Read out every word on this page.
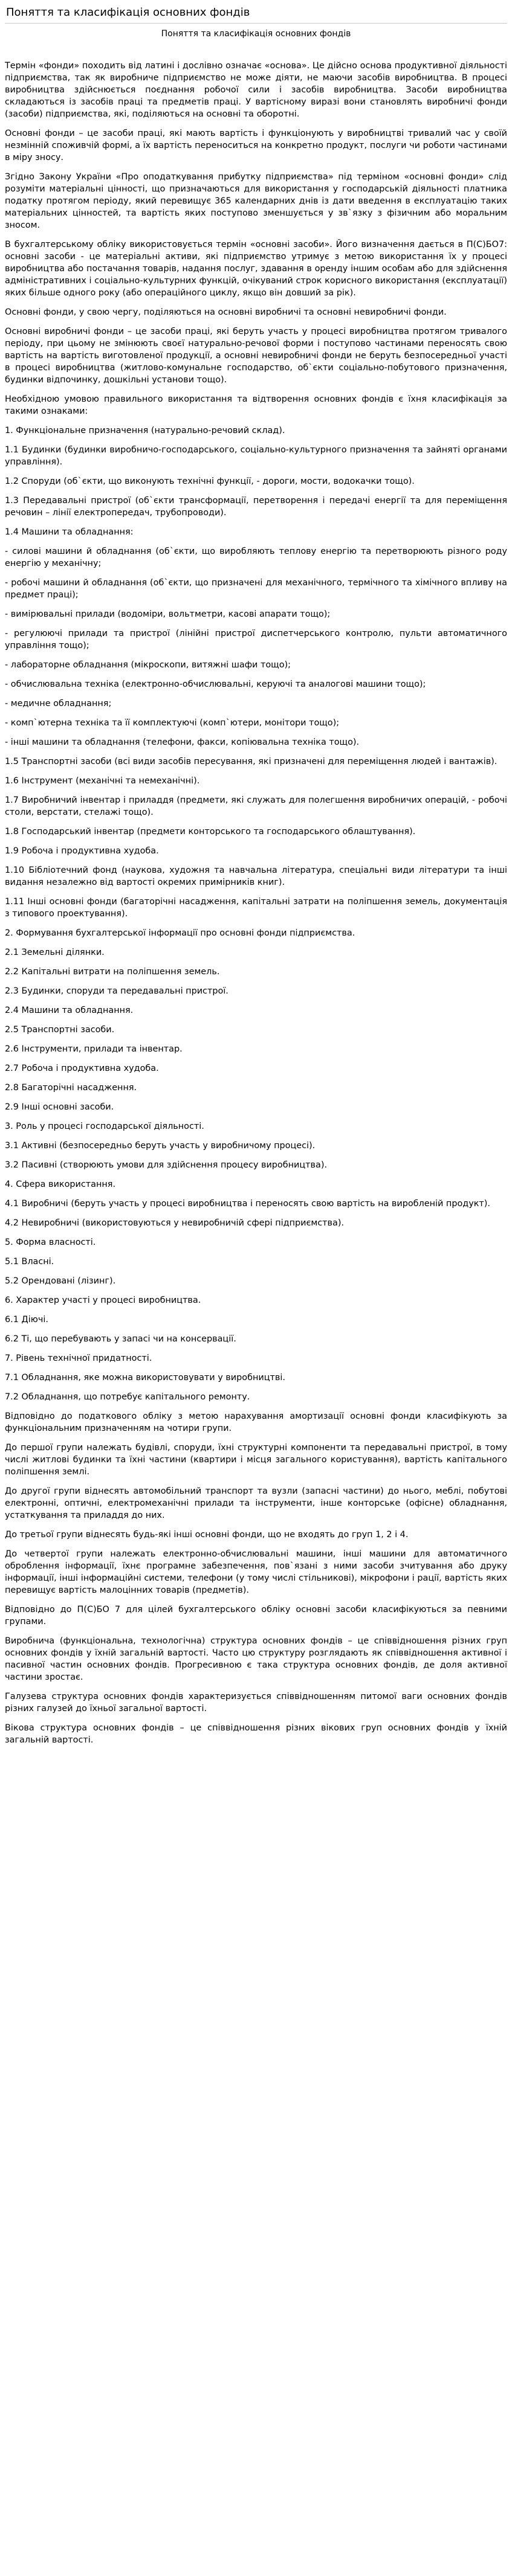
Поняття та класифікація основних фондів
Поняття та класифікація основних фондів

Термін «фонди» походить від латині і дослівно означає «основа». Це дійсно основа продуктивної діяльності підприємства, так як виробниче підприємство не може діяти, не маючи засобів виробництва. В процесі виробництва здійснюється поєднання робочої сили і засобів виробництва. Засоби виробництва складаються із засобів праці та предметів праці. У вартісному виразі вони становлять виробничі фонди (засоби) підприємства, які, поділяються на основні та оборотні.

Основні фонди – це засоби праці, які мають вартість і функціонують у виробництві тривалий час у своїй незмінній споживчій формі, а їх вартість переноситься на конкретно продукт, послуги чи роботи частинами в міру зносу.

Згідно Закону України «Про оподаткування прибутку підприємства» під терміном «основні фонди» слід розуміти матеріальні цінності, що призначаються для використання у господарській діяльності платника податку протягом періоду, який перевищує 365 календарних днів із дати введення в експлуатацію таких матеріальних цінностей, та вартість яких поступово зменшується у зв`язку з фізичним або моральним зносом.

В бухгалтерському обліку використовується термін «основні засоби». Його визначення дається в П(С)БО7: основні засоби - це матеріальні активи, які підприємство утримує з метою використання їх у процесі виробництва або постачання товарів, надання послуг, здавання в оренду іншим особам або для здійснення адміністративних і соціально-культурних функцій, очікуваний строк корисного використання (експлуатації) яких більше одного року (або операційного циклу, якщо він довший за рік).

Основні фонди, у свою чергу, поділяються на основні виробничі та основні невиробничі фонди.

Основні виробничі фонди – це засоби праці, які беруть участь у процесі виробництва протягом тривалого періоду, при цьому не змінюють своєї натурально-речової форми і поступово частинами переносять свою вартість на вартість виготовленої продукції, а основні невиробничі фонди не беруть безпосередньої участі в процесі виробництва (житлово-комунальне господарство, об`єкти соціально-побутового призначення, будинки відпочинку, дошкільні установи тощо).

Необхідною умовою правильного використання та відтворення основних фондів є їхня класифікація за такими ознаками:

1. Функціональне призначення (натурально-речовий склад).

1.1 Будинки (будинки виробничо-господарського, соціально-культурного призначення та зайняті органами управління).

1.2 Споруди (об`єкти, що виконують технічні функції, - дороги, мости, водокачки тощо).

1.3 Передавальні пристрої (об`єкти трансформації, перетворення і передачі енергії та для переміщення речовин – лінії електропередач, трубопроводи).

1.4 Машини та обладнання:

- силові машини й обладнання (об`єкти, що виробляють теплову енергію та перетворюють різного роду енергію у механічну;

- робочі машини й обладнання (об`єкти, що призначені для механічного, термічного та хімічного впливу на предмет праці);

- вимірювальні прилади (водоміри, вольтметри, касові апарати тощо);

- регулюючі прилади та пристрої (лінійні пристрої диспетчерського контролю, пульти автоматичного управління тощо);

- лабораторне обладнання (мікроскопи, витяжні шафи тощо);

- обчислювальна техніка (електронно-обчислювальні, керуючі та аналогові машини тощо);

- медичне обладнання;

- комп`ютерна техніка та її комплектуючі (комп`ютери, монітори тощо);

- інші машини та обладнання (телефони, факси, копіювальна техніка тощо).

1.5 Транспортні засоби (всі види засобів пересування, які призначені для переміщення людей і вантажів).

1.6 Інструмент (механічні та немеханічні).

1.7 Виробничий інвентар і приладдя (предмети, які служать для полегшення виробничих операцій, - робочі столи, верстати, стелажі тощо).

1.8 Господарський інвентар (предмети конторського та господарського облаштування).

1.9 Робоча і продуктивна худоба.

1.10 Бібліотечний фонд (наукова, художня та навчальна література, спеціальні види літератури та інші видання незалежно від вартості окремих примірників книг).

1.11 Інші основні фонди (багаторічні насадження, капітальні затрати на поліпшення земель, документація з типового проектування).

2. Формування бухгалтерської інформації про основні фонди підприємства.

2.1 Земельні ділянки.

2.2 Капітальні витрати на поліпшення земель.

2.3 Будинки, споруди та передавальні пристрої.

2.4 Машини та обладнання.

2.5 Транспортні засоби.

2.6 Інструменти, прилади та інвентар.

2.7 Робоча і продуктивна худоба.

2.8 Багаторічні насадження.

2.9 Інші основні засоби.

3. Роль у процесі господарської діяльності.

3.1 Активні (безпосередньо беруть участь у виробничому процесі).

3.2 Пасивні (створюють умови для здійснення процесу виробництва).

4. Сфера використання.

4.1 Виробничі (беруть участь у процесі виробництва і переносять свою вартість на виробленій продукт).

4.2 Невиробничі (використовуються у невиробничій сфері підприємства).

5. Форма власності.

5.1 Власні.

5.2 Орендовані (лізинг).

6. Характер участі у процесі виробництва.

6.1 Діючі.

6.2 Ті, що перебувають у запасі чи на консервації.

7. Рівень технічної придатності.

7.1 Обладнання, яке можна використовувати у виробництві.

7.2 Обладнання, що потребує капітального ремонту.

Відповідно до податкового обліку з метою нарахування амортизації основні фонди класифікують за функціональним призначенням на чотири групи.

До першої групи належать будівлі, споруди, їхні структурні компоненти та передавальні пристрої, в тому числі житлові будинки та їхні частини (квартири і місця загального користування), вартість капітального поліпшення землі.

До другої групи віднесять автомобільний транспорт та вузли (запасні частини) до нього, меблі, побутові електронні, оптичні, електромеханічні прилади та інструменти, інше конторське (офісне) обладнання, устаткування та приладдя до них.

До третьої групи віднесять будь-які інші основні фонди, що не входять до груп 1, 2 і 4.

До четвертої групи належать електронно-обчислювальні машини, інші машини для автоматичного оброблення інформації, їхнє програмне забезпечення, пов`язані з ними засоби зчитування або друку інформації, інші інформаційні системи, телефони (у тому числі стільникові), мікрофони і рації, вартість яких перевищує вартість малоцінних товарів (предметів).

Відповідно до П(С)БО 7 для цілей бухгалтерського обліку основні засоби класифікуються за певними групами.

Виробнича (функціональна, технологічна) структура основних фондів – це співвідношення різних груп основних фондів у їхній загальній вартості. Часто цю структуру розглядають як співвідношення активної і пасивної частин основних фондів. Прогресивною є така структура основних фондів, де доля активної частини зростає.

Галузева структура основних фондів характеризується співвідношенням питомої ваги основних фондів різних галузей до їхньої загальної вартості.

Вікова структура основних фондів – це співвідношення різних вікових груп основних фондів у їхній загальній вартості.
